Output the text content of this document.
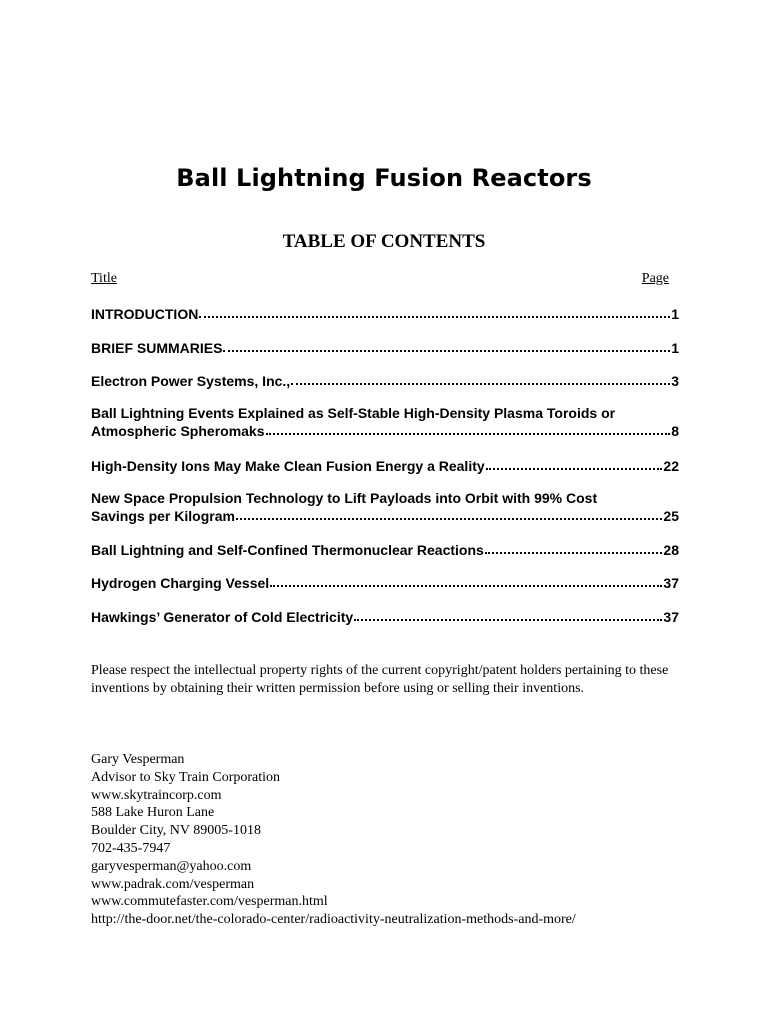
Ball Lightning Fusion Reactors
TABLE OF CONTENTS
Title	Page
INTRODUCTION	1
BRIEF SUMMARIES	1
Electron Power Systems, Inc.,	3
Ball Lightning Events Explained as Self-Stable High-Density Plasma Toroids or
Atmospheric Spheromaks	8
High-Density Ions May Make Clean Fusion Energy a Reality	22
New Space Propulsion Technology to Lift Payloads into Orbit with 99% Cost
Savings per Kilogram	25
Ball Lightning and Self-Confined Thermonuclear Reactions	28
Hydrogen Charging Vessel	37
Hawkings’ Generator of Cold Electricity	37

Please respect the intellectual property rights of the current copyright/patent holders pertaining to these inventions by obtaining their written permission before using or selling their inventions.

Gary Vesperman
Advisor to Sky Train Corporation
www.skytraincorp.com
588 Lake Huron Lane
Boulder City, NV 89005-1018
702-435-7947
garyvesperman@yahoo.com
www.padrak.com/vesperman
www.commutefaster.com/vesperman.html
http://the-door.net/the-colorado-center/radioactivity-neutralization-methods-and-more/
